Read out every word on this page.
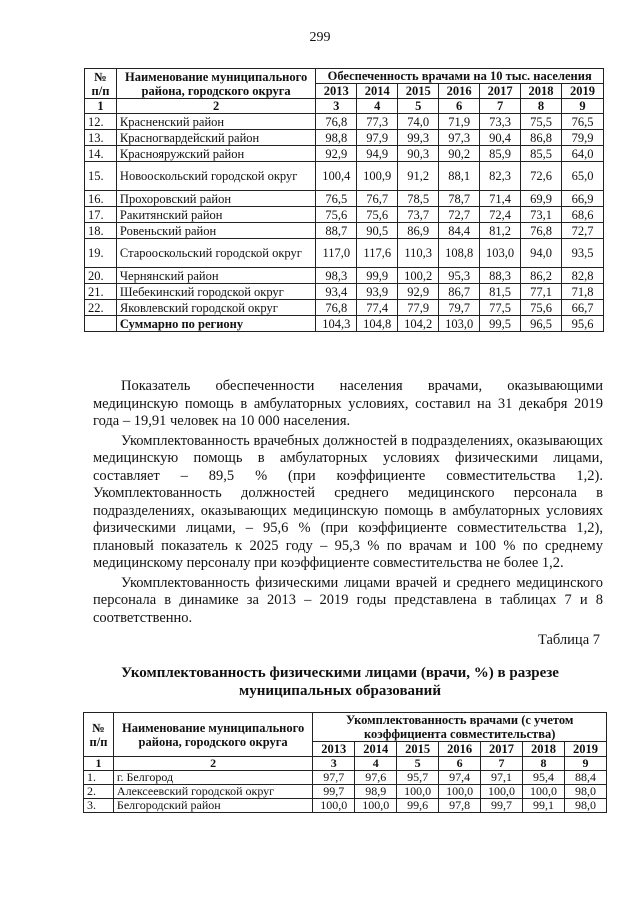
299
№ п/п	Наименование муниципального района, городского округа	Обеспеченность врачами на 10 тыс. населения						
		2013	2014	2015	2016	2017	2018	2019
1	2	3	4	5	6	7	8	9
12.	Красненский район	76,8	77,3	74,0	71,9	73,3	75,5	76,5
13.	Красногвардейский район	98,8	97,9	99,3	97,3	90,4	86,8	79,9
14.	Краснояружский район	92,9	94,9	90,3	90,2	85,9	85,5	64,0
15.	Новооскольский городской округ	100,4	100,9	91,2	88,1	82,3	72,6	65,0
16.	Прохоровский район	76,5	76,7	78,5	78,7	71,4	69,9	66,9
17.	Ракитянский район	75,6	75,6	73,7	72,7	72,4	73,1	68,6
18.	Ровеньский район	88,7	90,5	86,9	84,4	81,2	76,8	72,7
19.	Старооскольский городской округ	117,0	117,6	110,3	108,8	103,0	94,0	93,5
20.	Чернянский район	98,3	99,9	100,2	95,3	88,3	86,2	82,8
21.	Шебекинский городской округ	93,4	93,9	92,9	86,7	81,5	77,1	71,8
22.	Яковлевский городской округ	76,8	77,4	77,9	79,7	77,5	75,6	66,7
	Суммарно по региону	104,3	104,8	104,2	103,0	99,5	96,5	95,6

Показатель обеспеченности населения врачами, оказывающими медицинскую помощь в амбулаторных условиях, составил на 31 декабря 2019 года – 19,91 человек на 10 000 населения.

Укомплектованность врачебных должностей в подразделениях, оказывающих медицинскую помощь в амбулаторных условиях физическими лицами, составляет – 89,5 % (при коэффициенте совместительства 1,2). Укомплектованность должностей среднего медицинского персонала в подразделениях, оказывающих медицинскую помощь в амбулаторных условиях физическими лицами, – 95,6 % (при коэффициенте совместительства 1,2), плановый показатель к 2025 году – 95,3 % по врачам и 100 % по среднему медицинскому персоналу при коэффициенте совместительства не более 1,2.

Укомплектованность физическими лицами врачей и среднего медицинского персонала в динамике за 2013 – 2019 годы представлена в таблицах 7 и 8 соответственно.

Таблица 7
Укомплектованность физическими лицами (врачи, %) в разрезе муниципальных образований
№ п/п	Наименование муниципального района, городского округа	Укомплектованность врачами (с учетом коэффициента совместительства)						
		2013	2014	2015	2016	2017	2018	2019
1	2	3	4	5	6	7	8	9
1.	г. Белгород	97,7	97,6	95,7	97,4	97,1	95,4	88,4
2.	Алексеевский городской округ	99,7	98,9	100,0	100,0	100,0	100,0	98,0
3.	Белгородский район	100,0	100,0	99,6	97,8	99,7	99,1	98,0
